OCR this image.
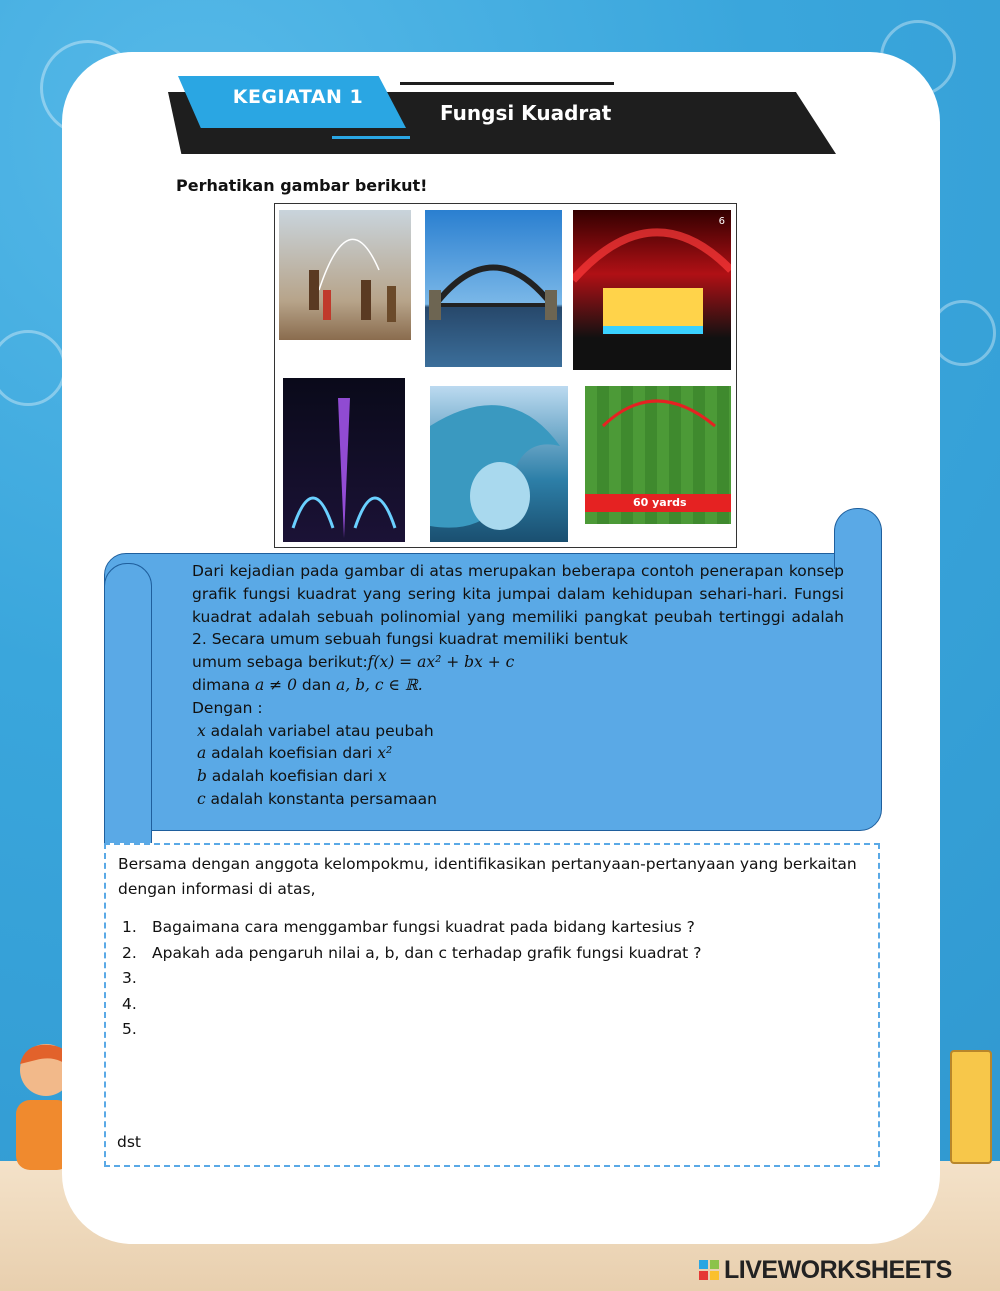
KEGIATAN 1
Fungsi Kuadrat
Perhatikan gambar berikut!
6
60 yards

Dari kejadian pada gambar di atas merupakan beberapa contoh penerapan konsep grafik fungsi kuadrat yang sering kita jumpai dalam kehidupan sehari-hari. Fungsi kuadrat adalah sebuah polinomial yang memiliki pangkat peubah tertinggi adalah 2. Secara umum sebuah fungsi kuadrat memiliki bentuk

umum sebaga berikut:f(x) = ax² + bx + c
dimana a ≠ 0 dan a, b, c ∈ ℝ.
Dengan :
x adalah variabel atau peubah
a adalah koefisian dari x²
b adalah koefisian dari x
c adalah konstanta persamaan
Bersama dengan anggota kelompokmu, identifikasikan pertanyaan-pertanyaan yang berkaitan dengan informasi di atas,
1. Bagaimana cara menggambar fungsi kuadrat pada bidang kartesius ?
2. Apakah ada pengaruh nilai a, b, dan c terhadap grafik fungsi kuadrat ?
3.
4.
5.
dst
LIVEWORKSHEETS
